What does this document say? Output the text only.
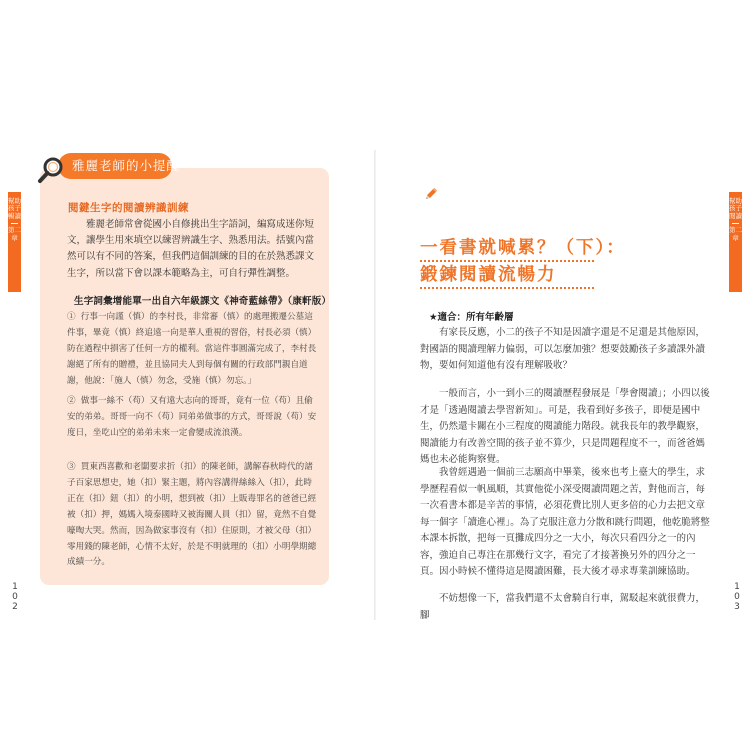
幫助孩子暢讀
第二章
1
0
2
雅麗老師的小提醒
閱鍵生字的閱讀辨識訓練
雅麗老師常會從國小自修挑出生字語詞，編寫成迷你短文，讓學生用來填空以練習辨識生字、熟悉用法。括號內當然可以有不同的答案，但我們這個訓練的目的在於熟悉課文生字，所以當下會以課本範略為主，可自行彈性調整。
生字詞彙增能單一出自六年級課文《神奇藍絲帶》（康軒版）
① 行事一向謹（慎）的李村長，非常審（慎）的處理搬遷公墓這件事，畢竟（慎）終追遠一向是華人重視的習俗，村長必須（慎）防在過程中損害了任何一方的權利。當這件事圓滿完成了，李村長謝絕了所有的贈禮，並且協同夫人到每個有關的行政部門親自道謝，他說：「施人（慎）勿念，受施（慎）勿忘。」
② 做事一絲不（苟）又有遠大志向的哥哥，竟有一位（苟）且偷安的弟弟。哥哥一向不（苟）同弟弟做事的方式，哥哥說（苟）安度日，坐吃山空的弟弟未來一定會變成流浪漢。
③ 買東西喜歡和老闆要求折（扣）的陳老師，講解春秋時代的諸子百家思想史，她（扣）緊主題，將內容講得絲絲入（扣），此時正在（扣）鈕（扣）的小明，想到被（扣）上販毒罪名的爸爸已經被（扣）押，媽媽入境泰國時又被海關人員（扣）留，竟然不自覺嚎啕大哭。然而，因為做家事沒有（扣）住原則，才被父母（扣）零用錢的陳老師，心情不太好，於是不明就理的（扣）小明學期總成績一分。
幫助孩子閱讀
第二章
1
0
3
一看書就喊累？（下）：
鍛鍊閱讀流暢力
★適合：所有年齡層
有家長反應，小二的孩子不知是因讀字還是不足還是其他原因，對國語的閱讀理解力偏弱，可以怎麼加強？想要鼓勵孩子多讀課外讀物，要如何知道他有沒有理解吸收？
一般而言，小一到小三的閱讀歷程發展是「學會閱讀」；小四以後才是「透過閱讀去學習新知」。可是，我看到好多孩子，即便是國中生，仍然還卡關在小三程度的閱讀能力階段。就我長年的教學觀察，閱讀能力有改善空間的孩子並不算少，只是問題程度不一，而爸爸媽媽也未必能夠察覺。
我曾經遇過一個前三志願高中畢業，後來也考上臺大的學生，求學歷程看似一帆風順，其實他從小深受閱讀問題之苦，對他而言，每一次看書本都是辛苦的事情，必須花費比別人更多倍的心力去把文章每一個字「讀進心裡」。為了克服注意力分散和跳行問題，他乾脆將整本課本拆散，把每一頁攤成四分之一大小，每次只看四分之一的內容，強迫自己專注在那幾行文字，看完了才接著換另外的四分之一頁。因小時候不懂得這是閱讀困難，長大後才尋求專業訓練協助。
不妨想像一下，當我們還不太會騎自行車，駕駁起來就很費力，腳
